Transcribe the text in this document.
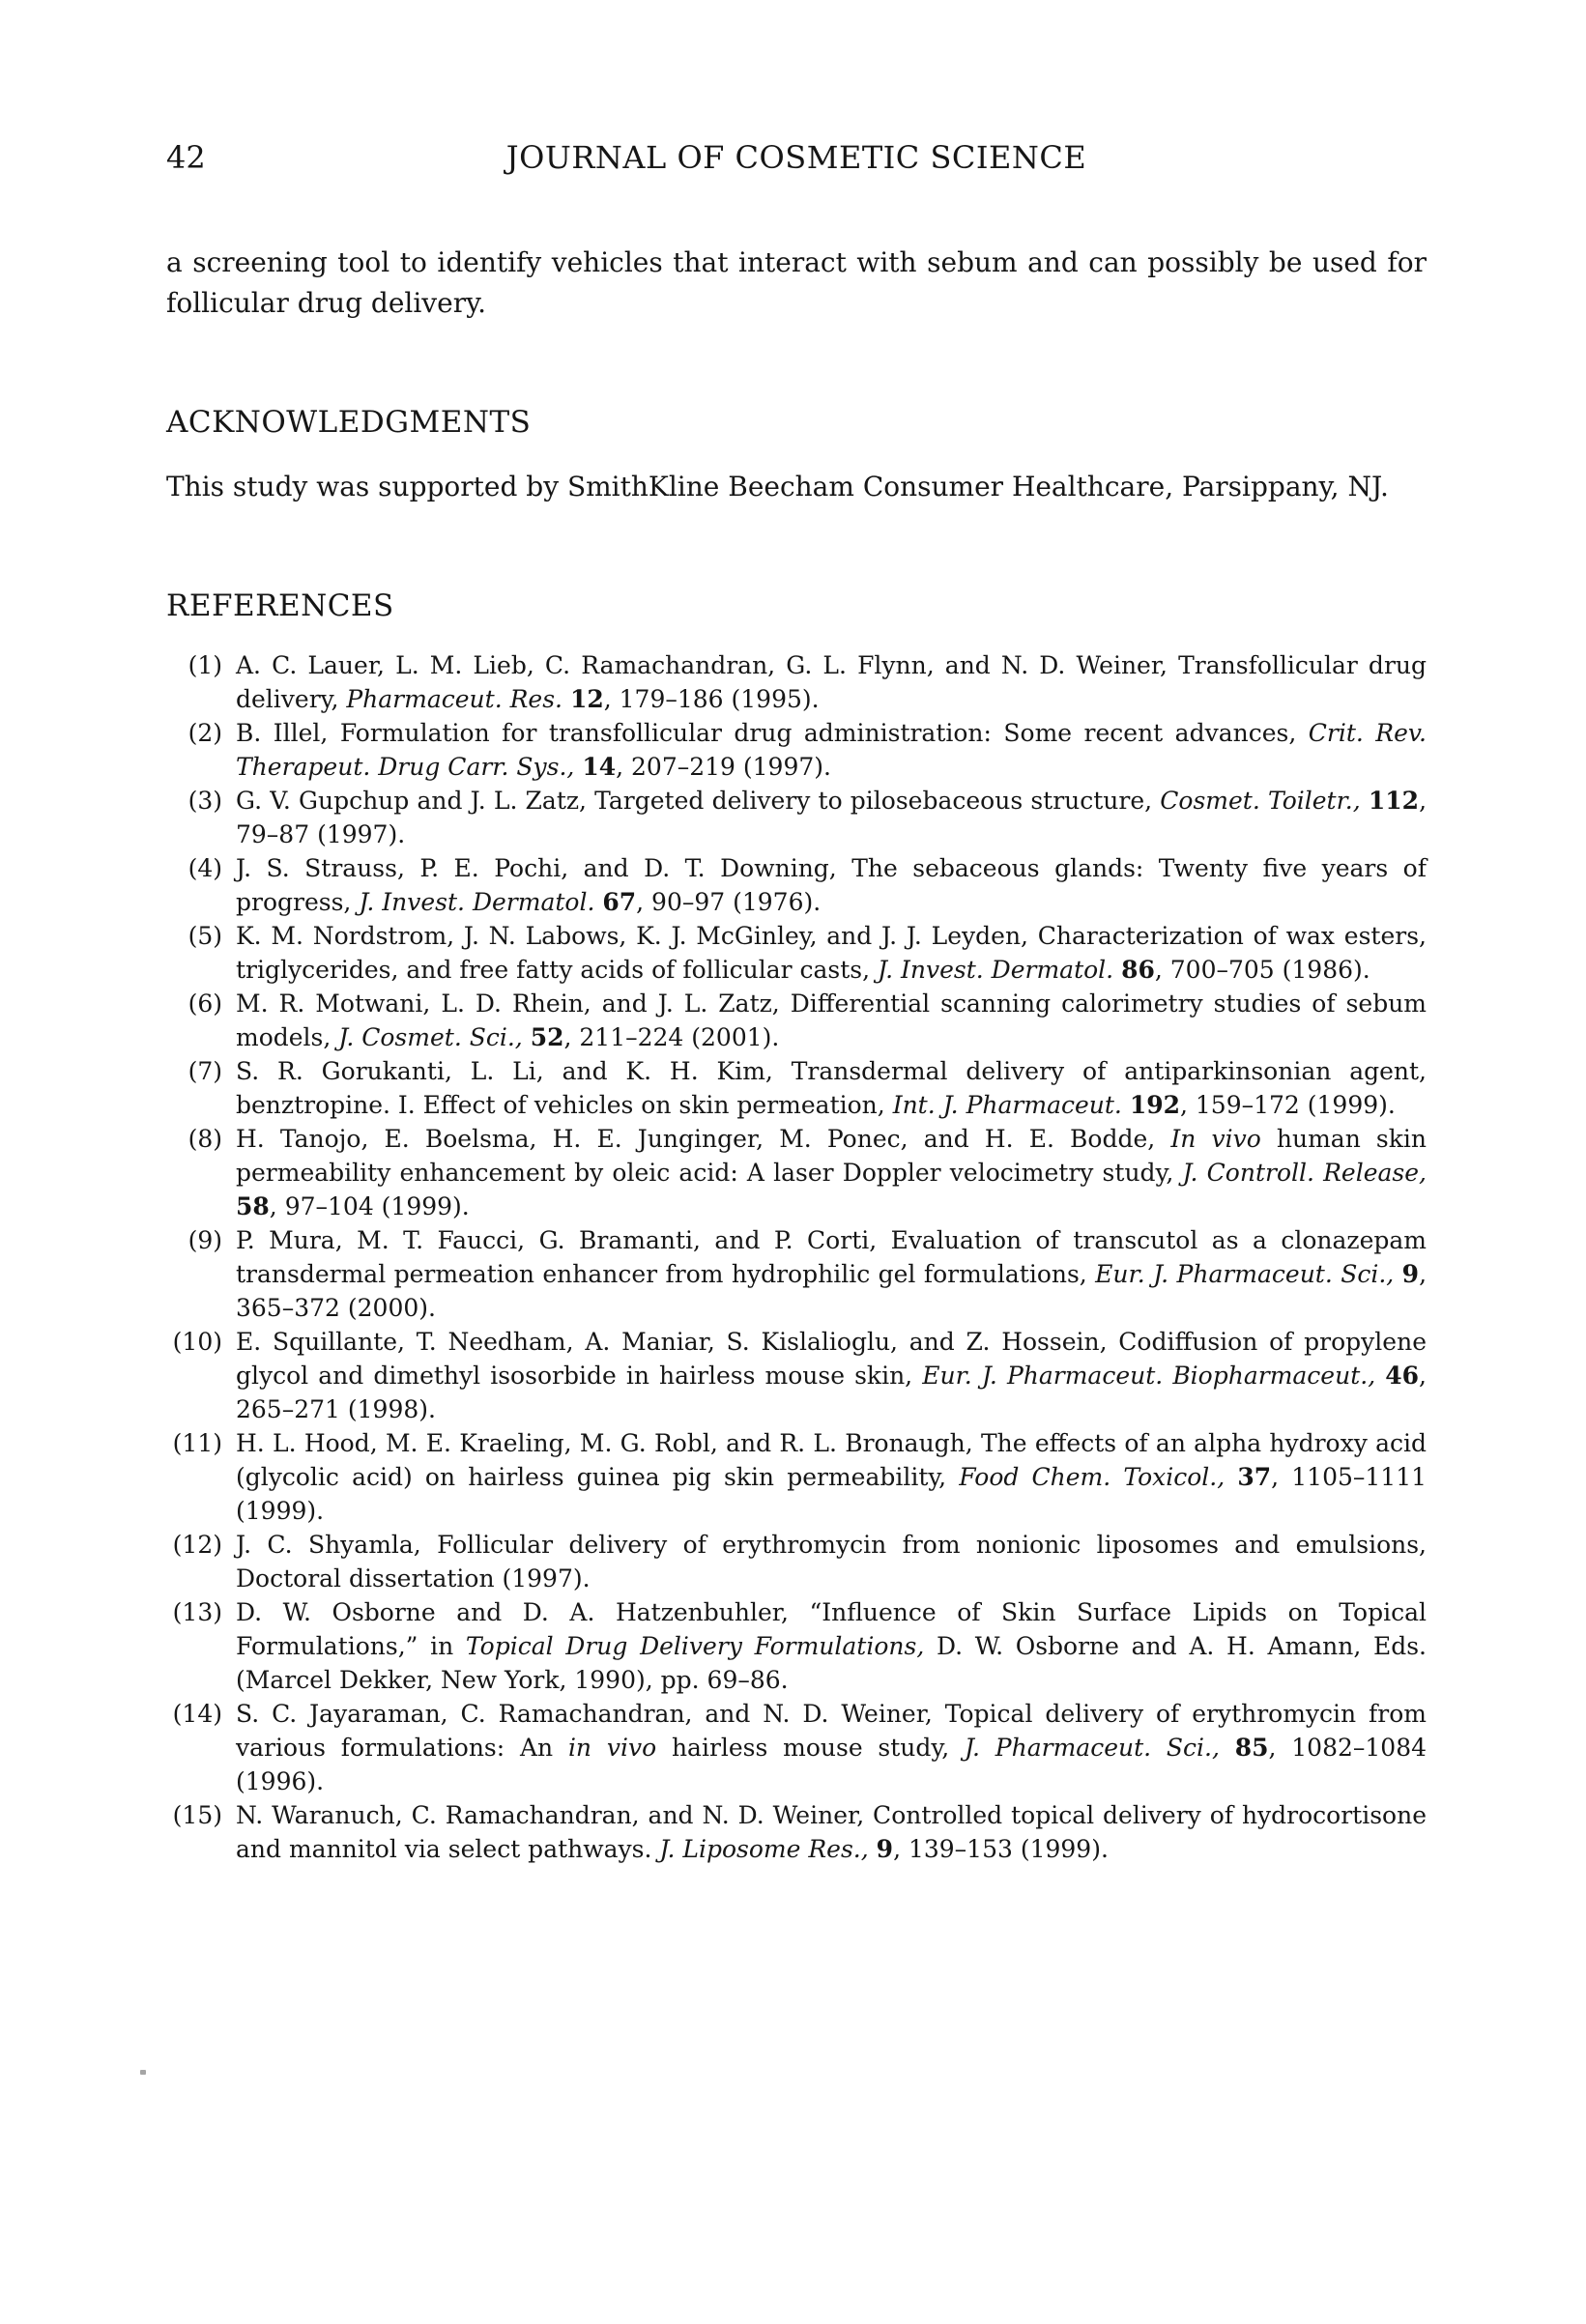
42	JOURNAL OF COSMETIC SCIENCE

a screening tool to identify vehicles that interact with sebum and can possibly be used for follicular drug delivery.

ACKNOWLEDGMENTS

This study was supported by SmithKline Beecham Consumer Healthcare, Parsippany, NJ.

REFERENCES
(1) A. C. Lauer, L. M. Lieb, C. Ramachandran, G. L. Flynn, and N. D. Weiner, Transfollicular drug delivery, Pharmaceut. Res. 12, 179–186 (1995).
(2) B. Illel, Formulation for transfollicular drug administration: Some recent advances, Crit. Rev. Therapeut. Drug Carr. Sys., 14, 207–219 (1997).
(3) G. V. Gupchup and J. L. Zatz, Targeted delivery to pilosebaceous structure, Cosmet. Toiletr., 112, 79–87 (1997).
(4) J. S. Strauss, P. E. Pochi, and D. T. Downing, The sebaceous glands: Twenty five years of progress, J. Invest. Dermatol. 67, 90–97 (1976).
(5) K. M. Nordstrom, J. N. Labows, K. J. McGinley, and J. J. Leyden, Characterization of wax esters, triglycerides, and free fatty acids of follicular casts, J. Invest. Dermatol. 86, 700–705 (1986).
(6) M. R. Motwani, L. D. Rhein, and J. L. Zatz, Differential scanning calorimetry studies of sebum models, J. Cosmet. Sci., 52, 211–224 (2001).
(7) S. R. Gorukanti, L. Li, and K. H. Kim, Transdermal delivery of antiparkinsonian agent, benztropine. I. Effect of vehicles on skin permeation, Int. J. Pharmaceut. 192, 159–172 (1999).
(8) H. Tanojo, E. Boelsma, H. E. Junginger, M. Ponec, and H. E. Bodde, In vivo human skin permeability enhancement by oleic acid: A laser Doppler velocimetry study, J. Controll. Release, 58, 97–104 (1999).
(9) P. Mura, M. T. Faucci, G. Bramanti, and P. Corti, Evaluation of transcutol as a clonazepam transdermal permeation enhancer from hydrophilic gel formulations, Eur. J. Pharmaceut. Sci., 9, 365–372 (2000).
(10) E. Squillante, T. Needham, A. Maniar, S. Kislalioglu, and Z. Hossein, Codiffusion of propylene glycol and dimethyl isosorbide in hairless mouse skin, Eur. J. Pharmaceut. Biopharmaceut., 46, 265–271 (1998).
(11) H. L. Hood, M. E. Kraeling, M. G. Robl, and R. L. Bronaugh, The effects of an alpha hydroxy acid (glycolic acid) on hairless guinea pig skin permeability, Food Chem. Toxicol., 37, 1105–1111 (1999).
(12) J. C. Shyamla, Follicular delivery of erythromycin from nonionic liposomes and emulsions, Doctoral dissertation (1997).
(13) D. W. Osborne and D. A. Hatzenbuhler, “Influence of Skin Surface Lipids on Topical Formulations,” in Topical Drug Delivery Formulations, D. W. Osborne and A. H. Amann, Eds. (Marcel Dekker, New York, 1990), pp. 69–86.
(14) S. C. Jayaraman, C. Ramachandran, and N. D. Weiner, Topical delivery of erythromycin from various formulations: An in vivo hairless mouse study, J. Pharmaceut. Sci., 85, 1082–1084 (1996).
(15) N. Waranuch, C. Ramachandran, and N. D. Weiner, Controlled topical delivery of hydrocortisone and mannitol via select pathways. J. Liposome Res., 9, 139–153 (1999).
